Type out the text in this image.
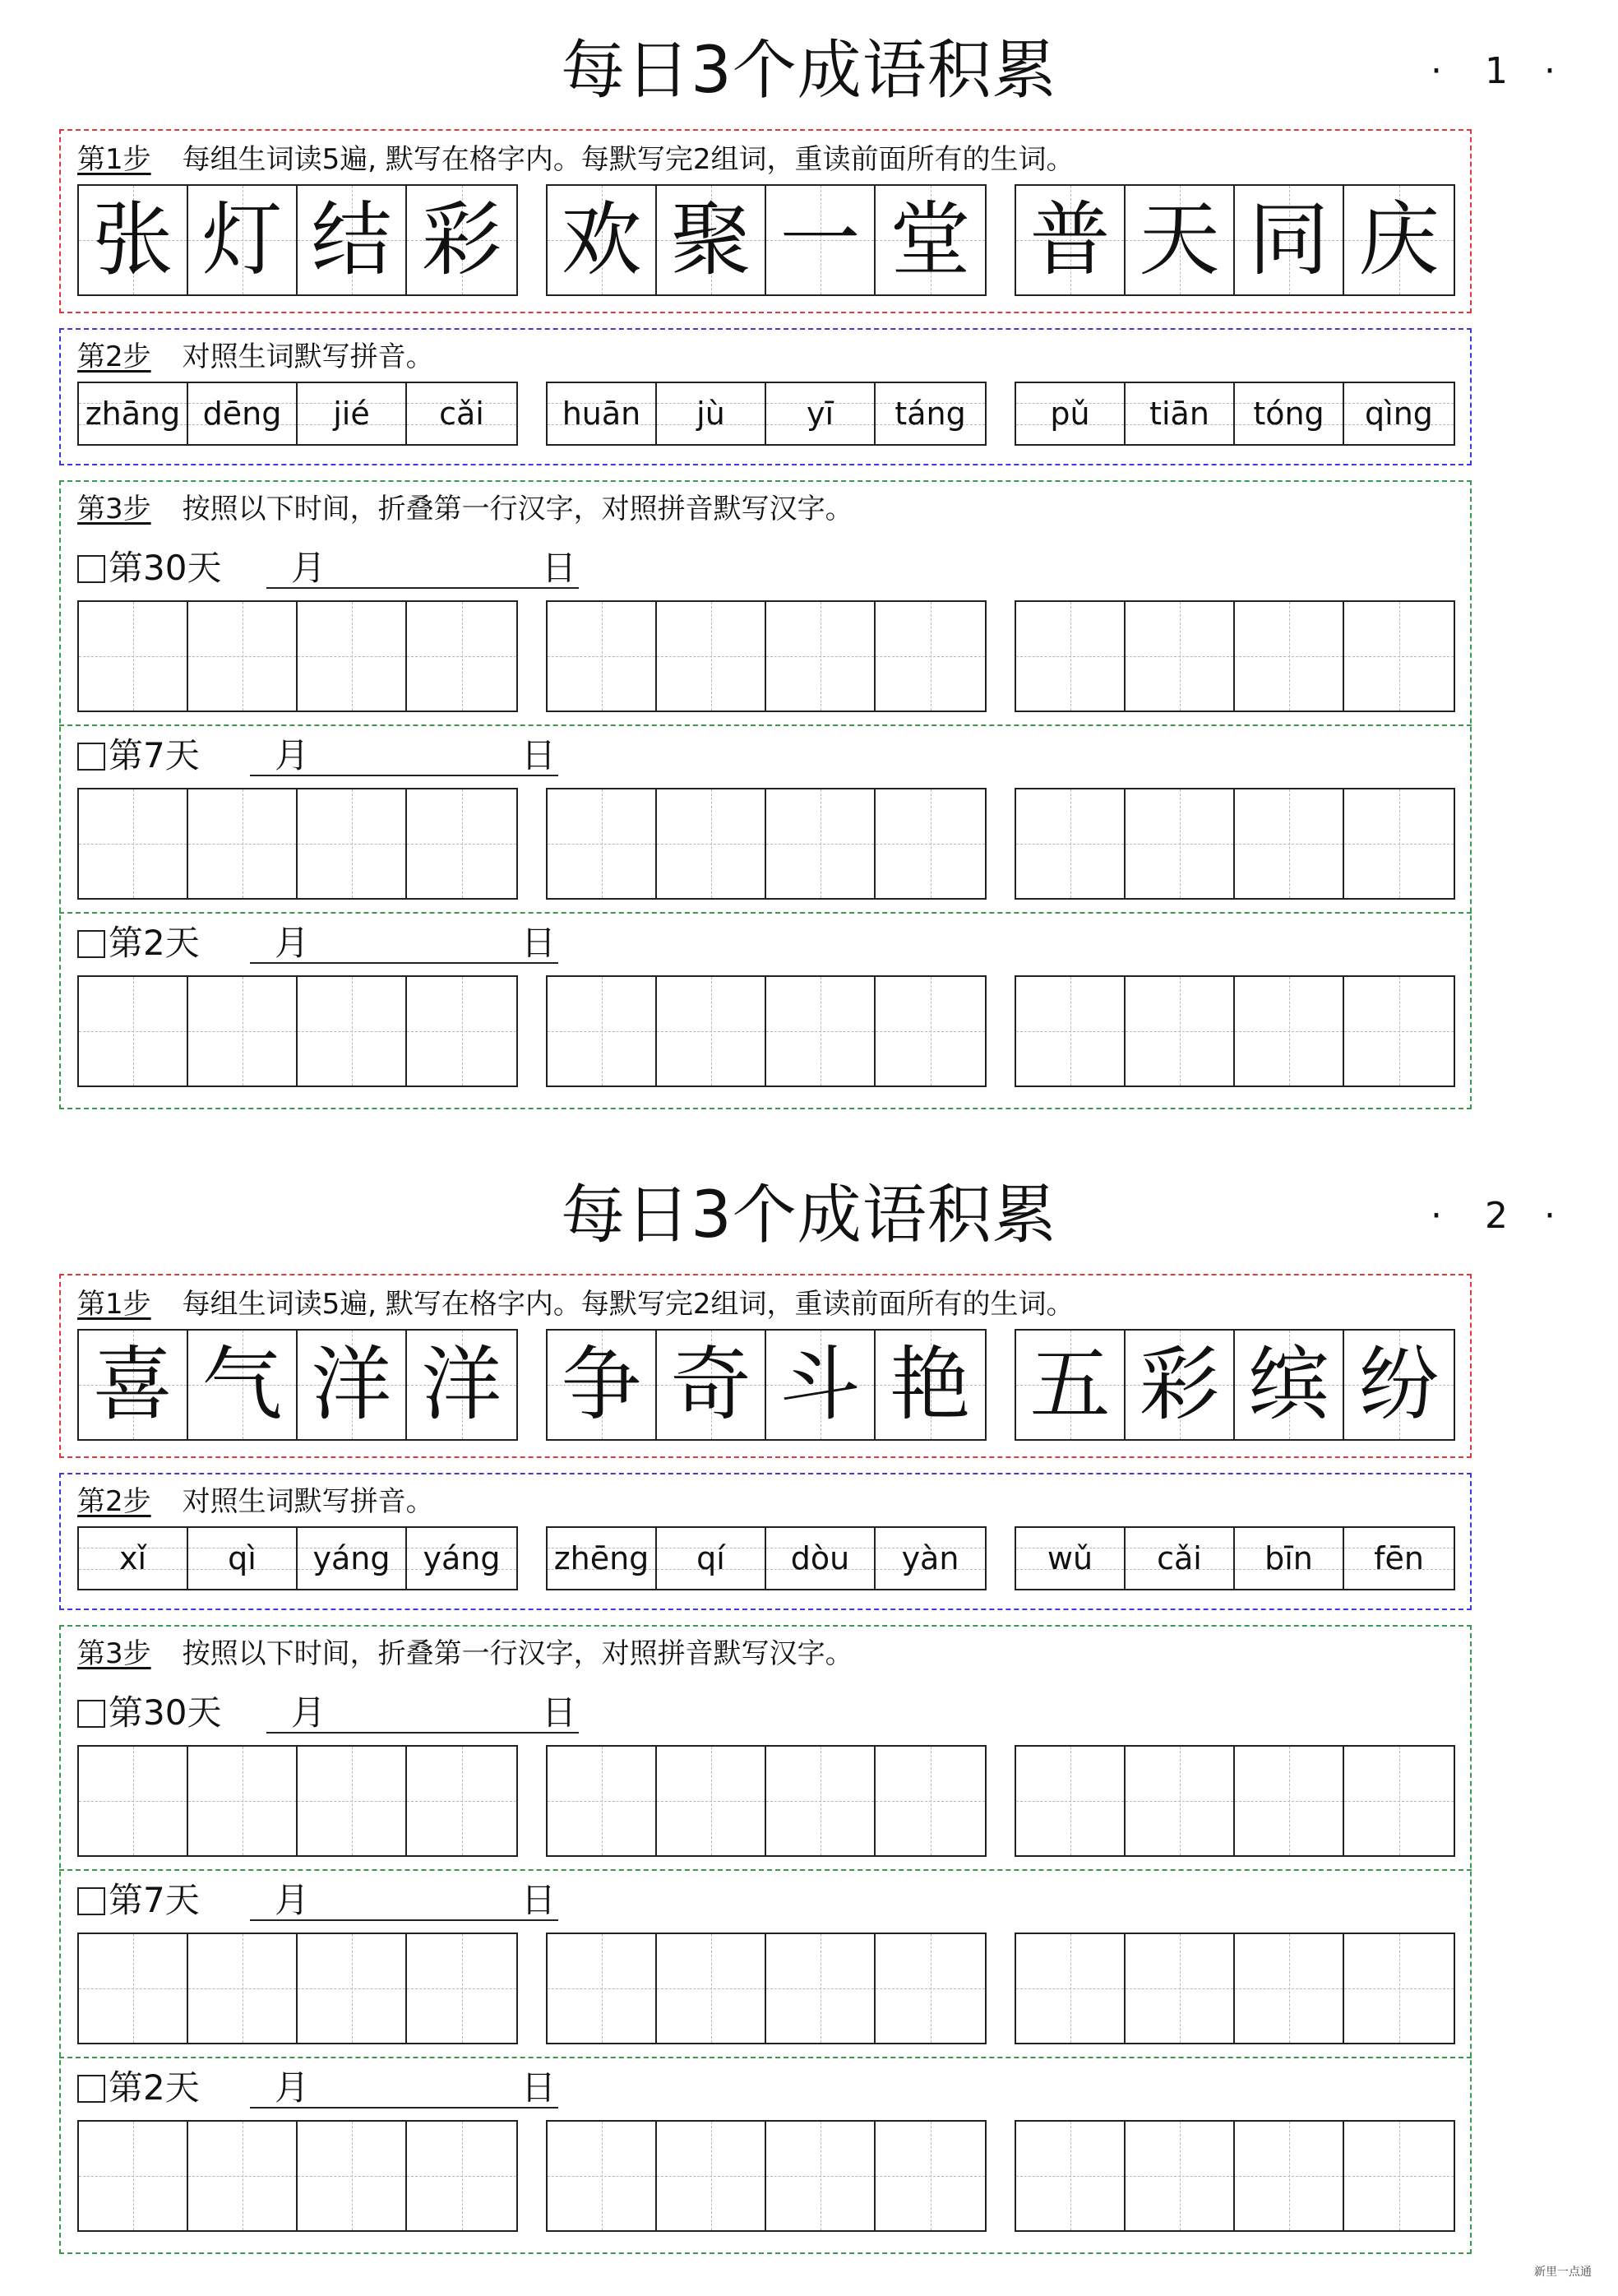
每日3个成语积累	· 1 ·
第1步 每组生词读5遍, 默写在格字内。每默写完2组词，重读前面所有的生词。
张 灯 结 彩 欢 聚 一 堂 普 天 同 庆
第2步 对照生词默写拼音。
zhāng dēng	jié	cǎi	huān	jù	yī	táng	pǔ	tiān	tóng	qìng
第3步 按照以下时间，折叠第一行汉字，对照拼音默写汉字。
第30天 月	日
第7天 月	日
第2天 月	日
每日3个成语积累	· 2 ·
第1步 每组生词读5遍, 默写在格字内。每默写完2组词，重读前面所有的生词。
喜 气 洋 洋 争 奇 斗 艳 五 彩 缤 纷
第2步 对照生词默写拼音。
xǐ	qì	yáng	yáng	zhēng	qí	dòu	yàn	wǔ	cǎi	bīn	fēn
第3步 按照以下时间，折叠第一行汉字，对照拼音默写汉字。
第30天 月	日
第7天 月	日
第2天 月	日
新里一点通
